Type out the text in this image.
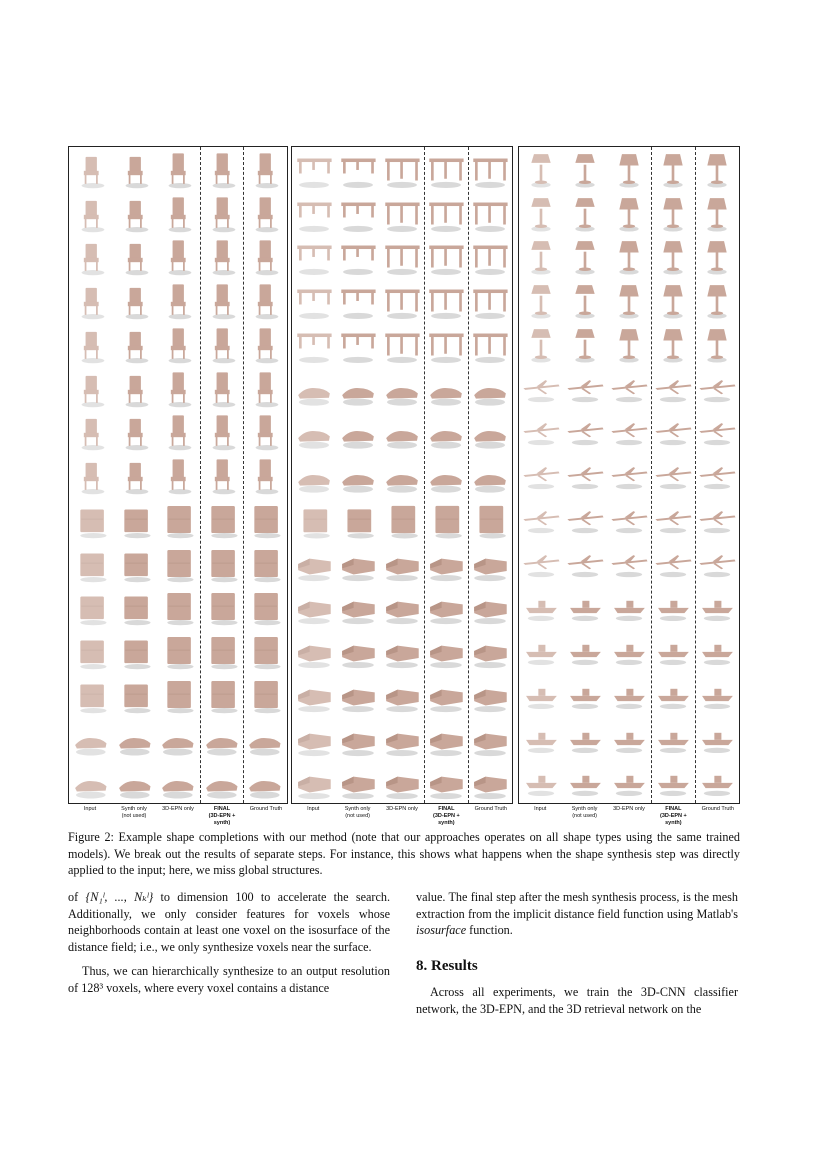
Input	Synth only
(not used)
3D-EPN only	FINAL
(3D-EPN + synth)
Ground Truth	Input	Synth only
(not used)
3D-EPN only	FINAL
(3D-EPN + synth)
Ground Truth	Input	Synth only
(not used)
3D-EPN only	FINAL
(3D-EPN + synth)
Ground Truth
Figure 2: Example shape completions with our method (note that our approaches operates on all shape types using the same trained models). We break out the results of separate steps. For instance, this shows what happens when the shape synthesis step was directly applied to the input; here, we miss global structures.

of {N₁ˡ, ..., Nₖˡ} to dimension 100 to accelerate the search. Additionally, we only consider features for voxels whose neighborhoods contain at least one voxel on the isosurface of the distance field; i.e., we only synthesize voxels near the surface.

Thus, we can hierarchically synthesize to an output resolution of 128³ voxels, where every voxel contains a distance

value. The final step after the mesh synthesis process, is the mesh extraction from the implicit distance field function using Matlab's isosurface function.

8. Results

Across all experiments, we train the 3D-CNN classifier network, the 3D-EPN, and the 3D retrieval network on the
